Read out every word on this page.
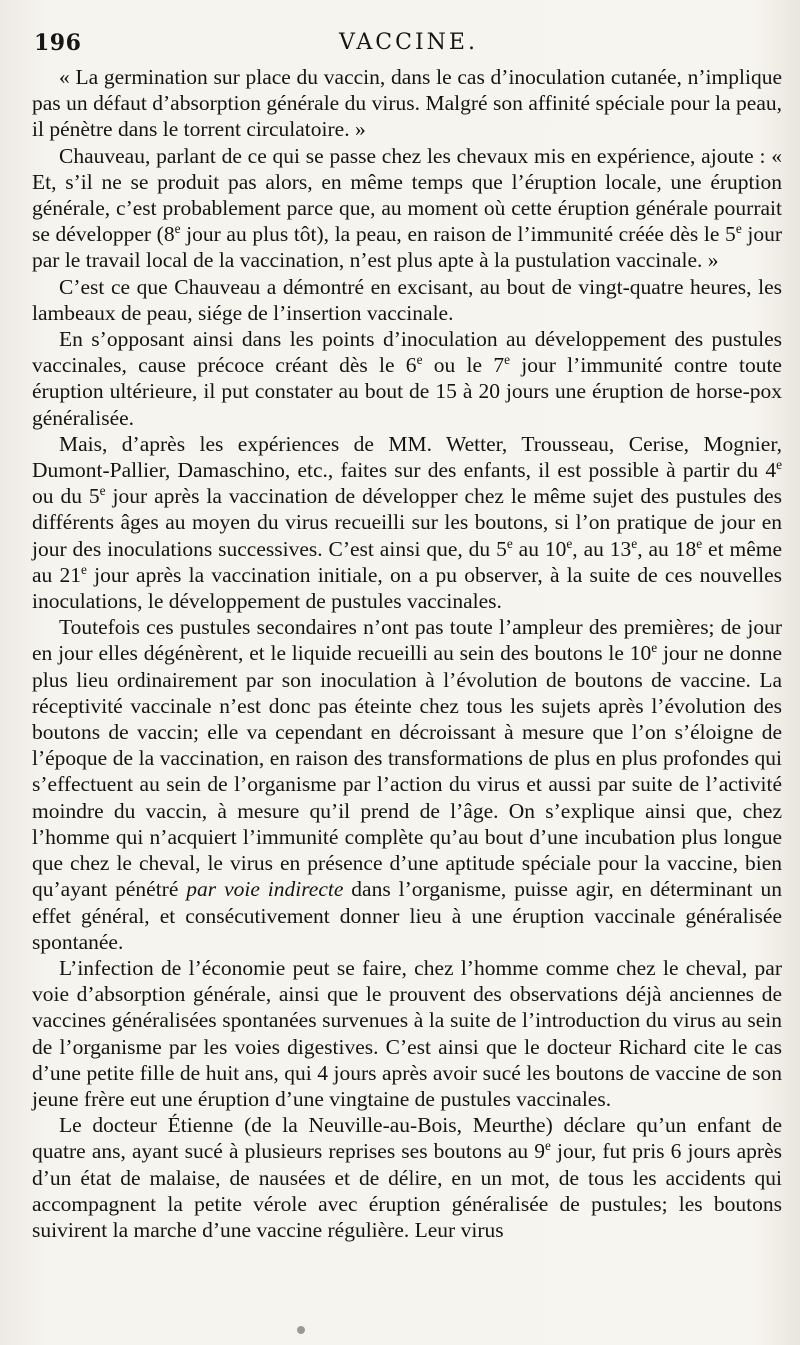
196	VACCINE.

« La germination sur place du vaccin, dans le cas d’inoculation cutanée, n’implique pas un défaut d’absorption générale du virus. Malgré son affinité spéciale pour la peau, il pénètre dans le torrent circulatoire. »

Chauveau, parlant de ce qui se passe chez les chevaux mis en expérience, ajoute : « Et, s’il ne se produit pas alors, en même temps que l’éruption locale, une éruption générale, c’est probablement parce que, au moment où cette éruption générale pourrait se développer (8e jour au plus tôt), la peau, en raison de l’immunité créée dès le 5e jour par le travail local de la vaccination, n’est plus apte à la pustulation vaccinale. »

C’est ce que Chauveau a démontré en excisant, au bout de vingt-quatre heures, les lambeaux de peau, siége de l’insertion vaccinale.

En s’opposant ainsi dans les points d’inoculation au développement des pustules vaccinales, cause précoce créant dès le 6e ou le 7e jour l’immunité contre toute éruption ultérieure, il put constater au bout de 15 à 20 jours une éruption de horse-pox généralisée.

Mais, d’après les expériences de MM. Wetter, Trousseau, Cerise, Mognier, Dumont-Pallier, Damaschino, etc., faites sur des enfants, il est possible à partir du 4e ou du 5e jour après la vaccination de développer chez le même sujet des pustules des différents âges au moyen du virus recueilli sur les boutons, si l’on pratique de jour en jour des inoculations successives. C’est ainsi que, du 5e au 10e, au 13e, au 18e et même au 21e jour après la vaccination initiale, on a pu observer, à la suite de ces nouvelles inoculations, le développement de pustules vaccinales.

Toutefois ces pustules secondaires n’ont pas toute l’ampleur des premières; de jour en jour elles dégénèrent, et le liquide recueilli au sein des boutons le 10e jour ne donne plus lieu ordinairement par son inoculation à l’évolution de boutons de vaccine. La réceptivité vaccinale n’est donc pas éteinte chez tous les sujets après l’évolution des boutons de vaccin; elle va cependant en décroissant à mesure que l’on s’éloigne de l’époque de la vaccination, en raison des transformations de plus en plus profondes qui s’effectuent au sein de l’organisme par l’action du virus et aussi par suite de l’activité moindre du vaccin, à mesure qu’il prend de l’âge. On s’explique ainsi que, chez l’homme qui n’acquiert l’immunité complète qu’au bout d’une incubation plus longue que chez le cheval, le virus en présence d’une aptitude spéciale pour la vaccine, bien qu’ayant pénétré par voie indirecte dans l’organisme, puisse agir, en déterminant un effet général, et consécutivement donner lieu à une éruption vaccinale généralisée spontanée.

L’infection de l’économie peut se faire, chez l’homme comme chez le cheval, par voie d’absorption générale, ainsi que le prouvent des observations déjà anciennes de vaccines généralisées spontanées survenues à la suite de l’introduction du virus au sein de l’organisme par les voies digestives. C’est ainsi que le docteur Richard cite le cas d’une petite fille de huit ans, qui 4 jours après avoir sucé les boutons de vaccine de son jeune frère eut une éruption d’une vingtaine de pustules vaccinales.

Le docteur Étienne (de la Neuville-au-Bois, Meurthe) déclare qu’un enfant de quatre ans, ayant sucé à plusieurs reprises ses boutons au 9e jour, fut pris 6 jours après d’un état de malaise, de nausées et de délire, en un mot, de tous les accidents qui accompagnent la petite vérole avec éruption généralisée de pustules; les boutons suivirent la marche d’une vaccine régulière. Leur virus
